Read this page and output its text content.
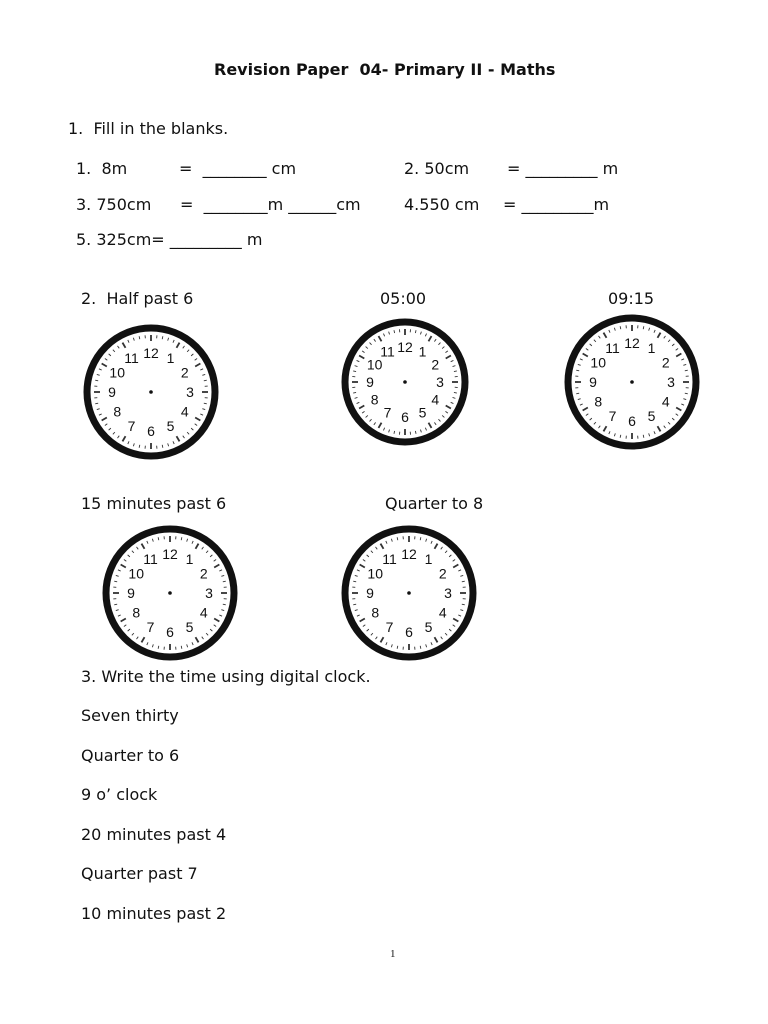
Revision Paper  04- Primary II - Maths
1.  Fill in the blanks.
1.  8m	=  ________ cm	2. 50cm = _________ m
3. 750cm =  ________m ______cm	4.550 cm = _________m
5. 325cm= _________ m
2.  Half past 6	05:00	09:15
12 1
2
3
4
5
6
7
8
9
10
11
12 1
2
3
4
5
6
7
8
9
10
11
12 1
2
3
4
5
6
7
8
9
10
11
15 minutes past 6	Quarter to 8
12 1
2
3
4
5
6
7
8
9
10
11	12 1
2
3
4
5
6
7
8
9
10
11
3. Write the time using digital clock.
Seven thirty
Quarter to 6
9 o’ clock
20 minutes past 4
Quarter past 7
10 minutes past 2
1
